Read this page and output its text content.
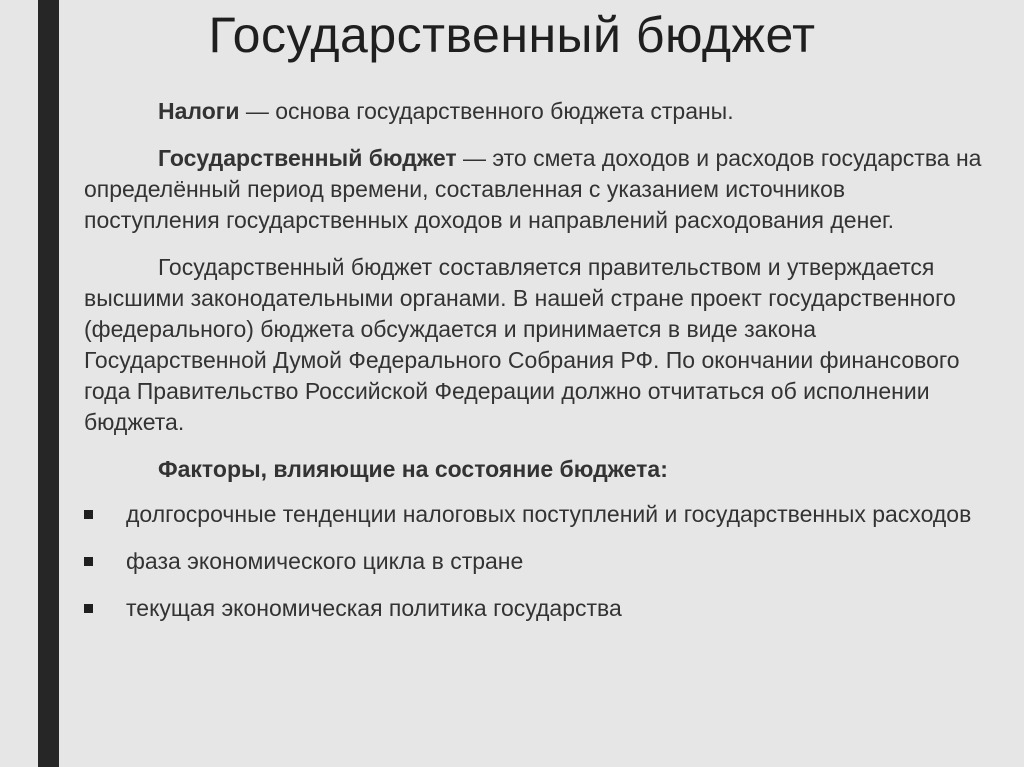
Государственный бюджет

Налоги — основа государственного бюджета страны.

Государственный бюджет — это смета доходов и расходов государства на определённый период времени, составленная с указанием источников поступления государственных доходов и направлений расходования денег.

Государственный бюджет составляется правительством и утверждается высшими законодательными органами. В нашей стране проект государственного (федерального) бюджета обсуждается и принимается в виде закона Государственной Думой Федерального Собрания РФ. По окончании финансового года Правительство Российской Федерации должно отчитаться об исполнении бюджета.

Факторы, влияющие на состояние бюджета:

долгосрочные тенденции налоговых поступлений и государственных расходов
фаза экономического цикла в стране
текущая экономическая политика государства
